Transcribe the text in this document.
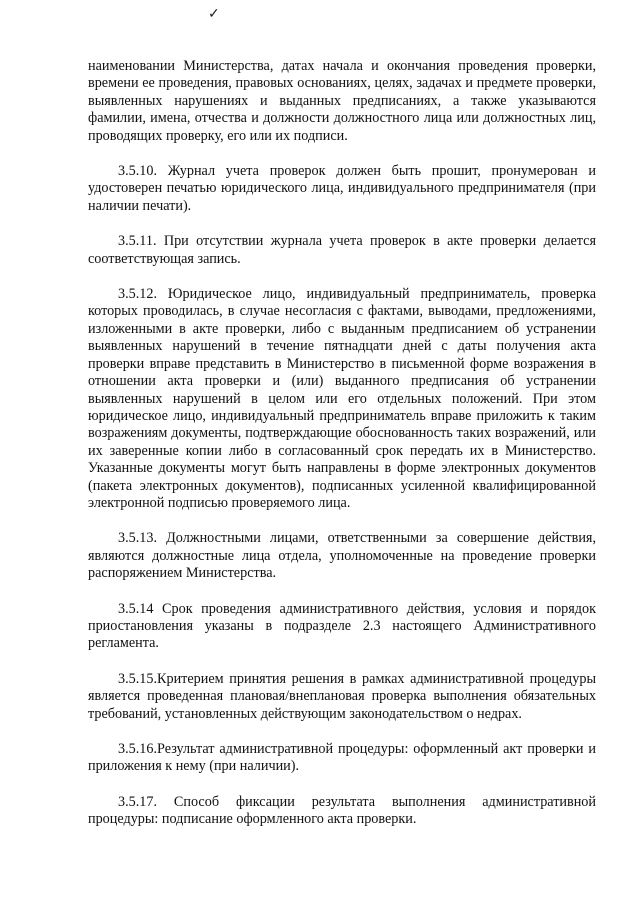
✓

наименовании Министерства, датах начала и окончания проведения проверки, времени ее проведения, правовых основаниях, целях, задачах и предмете проверки, выявленных нарушениях и выданных предписаниях, а также указываются фамилии, имена, отчества и должности должностного лица или должностных лиц, проводящих проверку, его или их подписи.

3.5.10. Журнал учета проверок должен быть прошит, пронумерован и удостоверен печатью юридического лица, индивидуального предпринимателя (при наличии печати).

3.5.11. При отсутствии журнала учета проверок в акте проверки делается соответствующая запись.

3.5.12. Юридическое лицо, индивидуальный предприниматель, проверка которых проводилась, в случае несогласия с фактами, выводами, предложениями, изложенными в акте проверки, либо с выданным предписанием об устранении выявленных нарушений в течение пятнадцати дней с даты получения акта проверки вправе представить в Министерство в письменной форме возражения в отношении акта проверки и (или) выданного предписания об устранении выявленных нарушений в целом или его отдельных положений. При этом юридическое лицо, индивидуальный предприниматель вправе приложить к таким возражениям документы, подтверждающие обоснованность таких возражений, или их заверенные копии либо в согласованный срок передать их в Министерство. Указанные документы могут быть направлены в форме электронных документов (пакета электронных документов), подписанных усиленной квалифицированной электронной подписью проверяемого лица.

3.5.13. Должностными лицами, ответственными за совершение действия, являются должностные лица отдела, уполномоченные на проведение проверки распоряжением Министерства.

3.5.14 Срок проведения административного действия, условия и порядок приостановления указаны в подразделе 2.3 настоящего Административного регламента.

3.5.15.Критерием принятия решения в рамках административной процедуры является проведенная плановая/внеплановая проверка выполнения обязательных требований, установленных действующим законодательством о недрах.

3.5.16.Результат административной процедуры: оформленный акт проверки и приложения к нему (при наличии).

3.5.17. Способ фиксации результата выполнения административной процедуры: подписание оформленного акта проверки.
